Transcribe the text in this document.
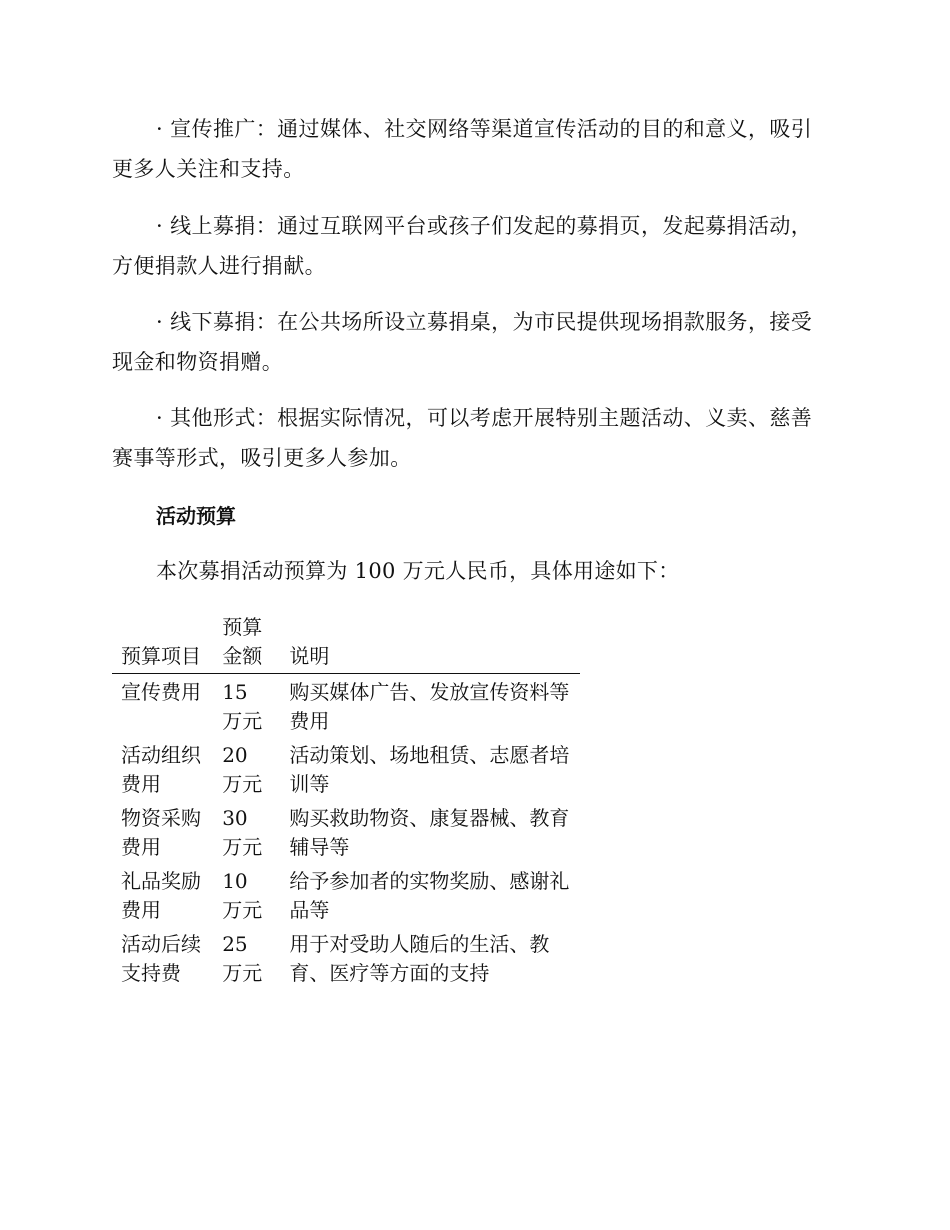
· 宣传推广：通过媒体、社交网络等渠道宣传活动的目的和意义，吸引更多人关注和支持。

· 线上募捐：通过互联网平台或孩子们发起的募捐页，发起募捐活动，方便捐款人进行捐献。

· 线下募捐：在公共场所设立募捐桌，为市民提供现场捐款服务，接受现金和物资捐赠。

· 其他形式：根据实际情况，可以考虑开展特别主题活动、义卖、慈善赛事等形式，吸引更多人参加。

活动预算

本次募捐活动预算为 100 万元人民币，具体用途如下：

预算项目	预算金额	说明
宣传费用	15 万元	购买媒体广告、发放宣传资料等费用
活动组织费用	20 万元	活动策划、场地租赁、志愿者培训等
物资采购费用	30 万元	购买救助物资、康复器械、教育辅导等
礼品奖励费用	10 万元	给予参加者的实物奖励、感谢礼品等
活动后续支持费	25 万元	用于对受助人随后的生活、教育、医疗等方面的支持
